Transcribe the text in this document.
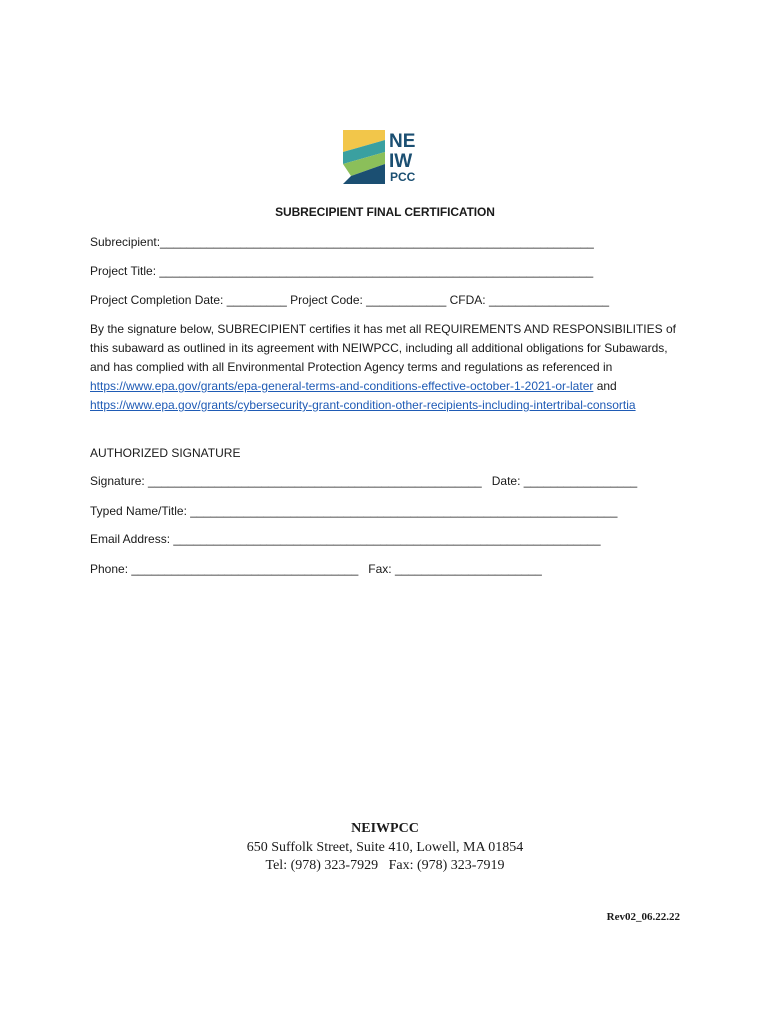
NE
IW
PCC
SUBRECIPIENT FINAL CERTIFICATION
Subrecipient:_________________________________________________________________
Project Title: _________________________________________________________________
Project Completion Date: _________ Project Code: ____________ CFDA: __________________
By the signature below, SUBRECIPIENT certifies it has met all REQUIREMENTS AND RESPONSIBILITIES of this subaward as outlined in its agreement with NEIWPCC, including all additional obligations for Subawards, and has complied with all Environmental Protection Agency terms and regulations as referenced in https://www.epa.gov/grants/epa-general-terms-and-conditions-effective-october-1-2021-or-later and https://www.epa.gov/grants/cybersecurity-grant-condition-other-recipients-including-intertribal-consortia
AUTHORIZED SIGNATURE
Signature: __________________________________________________ Date: _________________
Typed Name/Title: ________________________________________________________________
Email Address: ________________________________________________________________
Phone: __________________________________ Fax: ______________________
NEIWPCC
650 Suffolk Street, Suite 410, Lowell, MA 01854
Tel: (978) 323-7929 Fax: (978) 323-7919
Rev02_06.22.22
